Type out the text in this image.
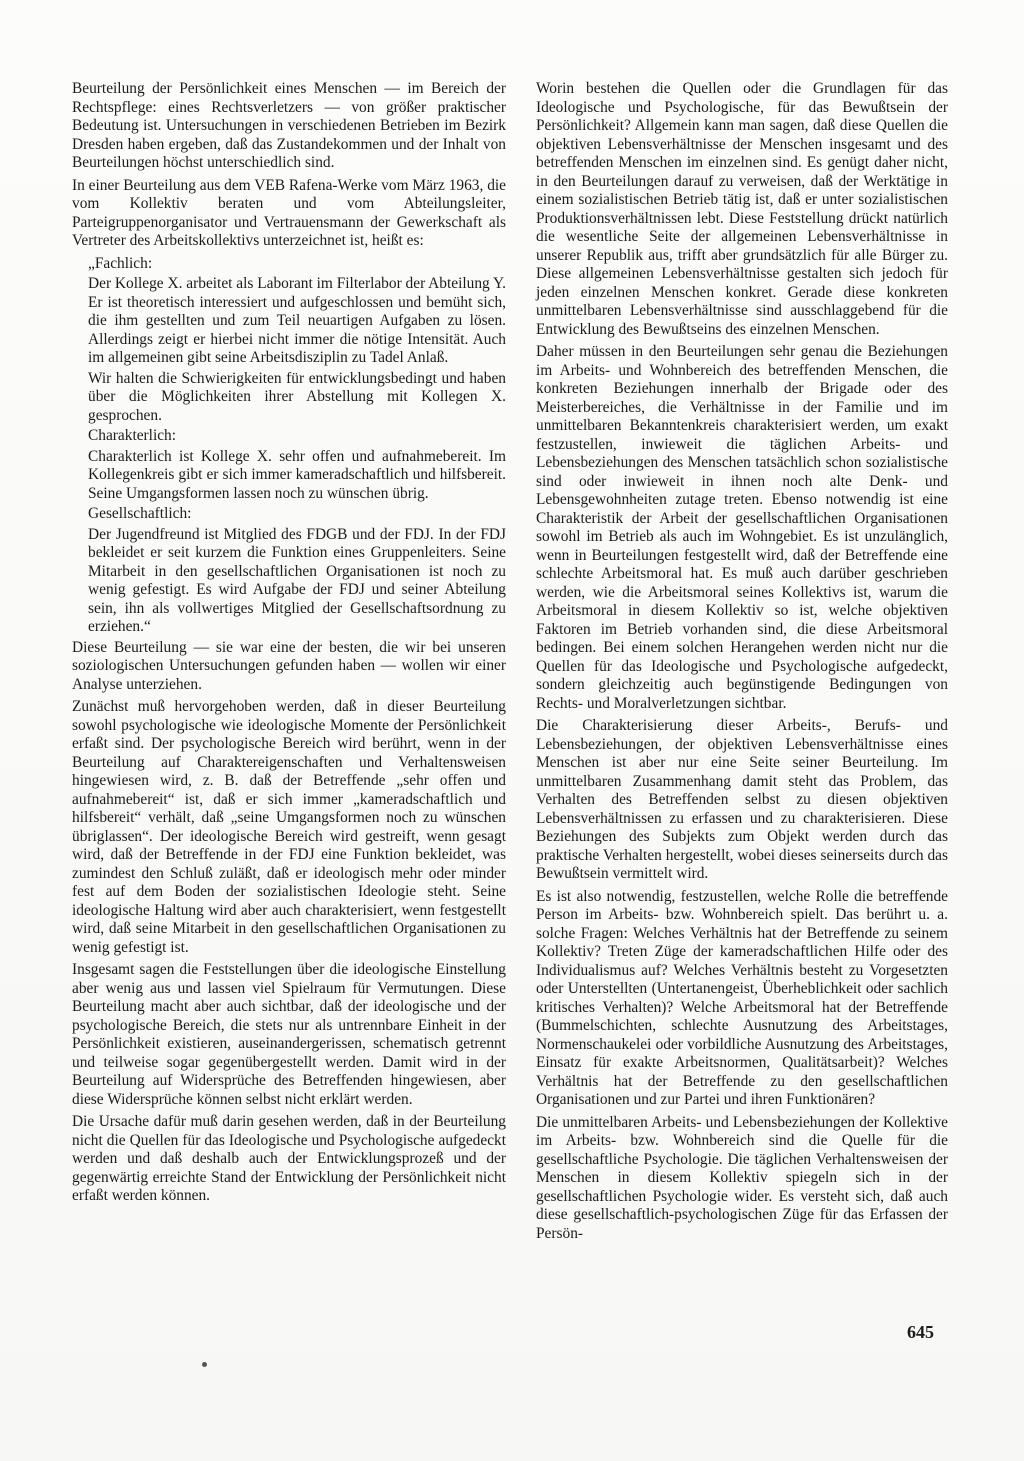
Beurteilung der Persönlichkeit eines Menschen — im Bereich der Rechtspflege: eines Rechtsverletzers — von größer praktischer Bedeutung ist. Untersuchungen in verschiedenen Betrieben im Bezirk Dresden haben ergeben, daß das Zustandekommen und der Inhalt von Beurteilungen höchst unterschiedlich sind.

In einer Beurteilung aus dem VEB Rafena-Werke vom März 1963, die vom Kollektiv beraten und vom Abteilungsleiter, Parteigruppenorganisator und Vertrauensmann der Gewerkschaft als Vertreter des Arbeitskollektivs unterzeichnet ist, heißt es:

„Fachlich:

Der Kollege X. arbeitet als Laborant im Filterlabor der Abteilung Y. Er ist theoretisch interessiert und aufgeschlossen und bemüht sich, die ihm gestellten und zum Teil neuartigen Aufgaben zu lösen. Allerdings zeigt er hierbei nicht immer die nötige Intensität. Auch im allgemeinen gibt seine Arbeitsdisziplin zu Tadel Anlaß.

Wir halten die Schwierigkeiten für entwicklungsbedingt und haben über die Möglichkeiten ihrer Abstellung mit Kollegen X. gesprochen.

Charakterlich:

Charakterlich ist Kollege X. sehr offen und aufnahmebereit. Im Kollegenkreis gibt er sich immer kameradschaftlich und hilfsbereit. Seine Umgangsformen lassen noch zu wünschen übrig.

Gesellschaftlich:

Der Jugendfreund ist Mitglied des FDGB und der FDJ. In der FDJ bekleidet er seit kurzem die Funktion eines Gruppenleiters. Seine Mitarbeit in den gesellschaftlichen Organisationen ist noch zu wenig gefestigt. Es wird Aufgabe der FDJ und seiner Abteilung sein, ihn als vollwertiges Mitglied der Gesellschaftsordnung zu erziehen.“

Diese Beurteilung — sie war eine der besten, die wir bei unseren soziologischen Untersuchungen gefunden haben — wollen wir einer Analyse unterziehen.

Zunächst muß hervorgehoben werden, daß in dieser Beurteilung sowohl psychologische wie ideologische Momente der Persönlichkeit erfaßt sind. Der psychologische Bereich wird berührt, wenn in der Beurteilung auf Charaktereigenschaften und Verhaltensweisen hingewiesen wird, z. B. daß der Betreffende „sehr offen und aufnahmebereit“ ist, daß er sich immer „kameradschaftlich und hilfsbereit“ verhält, daß „seine Umgangsformen noch zu wünschen übriglassen“. Der ideologische Bereich wird gestreift, wenn gesagt wird, daß der Betreffende in der FDJ eine Funktion bekleidet, was zumindest den Schluß zuläßt, daß er ideologisch mehr oder minder fest auf dem Boden der sozialistischen Ideologie steht. Seine ideologische Haltung wird aber auch charakterisiert, wenn festgestellt wird, daß seine Mitarbeit in den gesellschaftlichen Organisationen zu wenig gefestigt ist.

Insgesamt sagen die Feststellungen über die ideologische Einstellung aber wenig aus und lassen viel Spielraum für Vermutungen. Diese Beurteilung macht aber auch sichtbar, daß der ideologische und der psychologische Bereich, die stets nur als untrennbare Einheit in der Persönlichkeit existieren, auseinandergerissen, schematisch getrennt und teilweise sogar gegenübergestellt werden. Damit wird in der Beurteilung auf Widersprüche des Betreffenden hingewiesen, aber diese Widersprüche können selbst nicht erklärt werden.

Die Ursache dafür muß darin gesehen werden, daß in der Beurteilung nicht die Quellen für das Ideologische und Psychologische aufgedeckt werden und daß deshalb auch der Entwicklungsprozeß und der gegenwärtig erreichte Stand der Entwicklung der Persönlichkeit nicht erfaßt werden können.

Worin bestehen die Quellen oder die Grundlagen für das Ideologische und Psychologische, für das Bewußtsein der Persönlichkeit? Allgemein kann man sagen, daß diese Quellen die objektiven Lebensverhältnisse der Menschen insgesamt und des betreffenden Menschen im einzelnen sind. Es genügt daher nicht, in den Beurteilungen darauf zu verweisen, daß der Werktätige in einem sozialistischen Betrieb tätig ist, daß er unter sozialistischen Produktionsverhältnissen lebt. Diese Feststellung drückt natürlich die wesentliche Seite der allgemeinen Lebensverhältnisse in unserer Republik aus, trifft aber grundsätzlich für alle Bürger zu. Diese allgemeinen Lebensverhältnisse gestalten sich jedoch für jeden einzelnen Menschen konkret. Gerade diese konkreten unmittelbaren Lebensverhältnisse sind ausschlaggebend für die Entwicklung des Bewußtseins des einzelnen Menschen.

Daher müssen in den Beurteilungen sehr genau die Beziehungen im Arbeits- und Wohnbereich des betreffenden Menschen, die konkreten Beziehungen innerhalb der Brigade oder des Meisterbereiches, die Verhältnisse in der Familie und im unmittelbaren Bekanntenkreis charakterisiert werden, um exakt festzustellen, inwieweit die täglichen Arbeits- und Lebensbeziehungen des Menschen tatsächlich schon sozialistische sind oder inwieweit in ihnen noch alte Denk- und Lebensgewohnheiten zutage treten. Ebenso notwendig ist eine Charakteristik der Arbeit der gesellschaftlichen Organisationen sowohl im Betrieb als auch im Wohngebiet. Es ist unzulänglich, wenn in Beurteilungen festgestellt wird, daß der Betreffende eine schlechte Arbeitsmoral hat. Es muß auch darüber geschrieben werden, wie die Arbeitsmoral seines Kollektivs ist, warum die Arbeitsmoral in diesem Kollektiv so ist, welche objektiven Faktoren im Betrieb vorhanden sind, die diese Arbeitsmoral bedingen. Bei einem solchen Herangehen werden nicht nur die Quellen für das Ideologische und Psychologische aufgedeckt, sondern gleichzeitig auch begünstigende Bedingungen von Rechts- und Moralverletzungen sichtbar.

Die Charakterisierung dieser Arbeits-, Berufs- und Lebensbeziehungen, der objektiven Lebensverhältnisse eines Menschen ist aber nur eine Seite seiner Beurteilung. Im unmittelbaren Zusammenhang damit steht das Problem, das Verhalten des Betreffenden selbst zu diesen objektiven Lebensverhältnissen zu erfassen und zu charakterisieren. Diese Beziehungen des Subjekts zum Objekt werden durch das praktische Verhalten hergestellt, wobei dieses seinerseits durch das Bewußtsein vermittelt wird.

Es ist also notwendig, festzustellen, welche Rolle die betreffende Person im Arbeits- bzw. Wohnbereich spielt. Das berührt u. a. solche Fragen: Welches Verhältnis hat der Betreffende zu seinem Kollektiv? Treten Züge der kameradschaftlichen Hilfe oder des Individualismus auf? Welches Verhältnis besteht zu Vorgesetzten oder Unterstellten (Untertanengeist, Überheblichkeit oder sachlich kritisches Verhalten)? Welche Arbeitsmoral hat der Betreffende (Bummelschichten, schlechte Ausnutzung des Arbeitstages, Normenschaukelei oder vorbildliche Ausnutzung des Arbeitstages, Einsatz für exakte Arbeitsnormen, Qualitätsarbeit)? Welches Verhältnis hat der Betreffende zu den gesellschaftlichen Organisationen und zur Partei und ihren Funktionären?

Die unmittelbaren Arbeits- und Lebensbeziehungen der Kollektive im Arbeits- bzw. Wohnbereich sind die Quelle für die gesellschaftliche Psychologie. Die täglichen Verhaltensweisen der Menschen in diesem Kollektiv spiegeln sich in der gesellschaftlichen Psychologie wider. Es versteht sich, daß auch diese gesellschaftlich-psychologischen Züge für das Erfassen der Persön-

645
